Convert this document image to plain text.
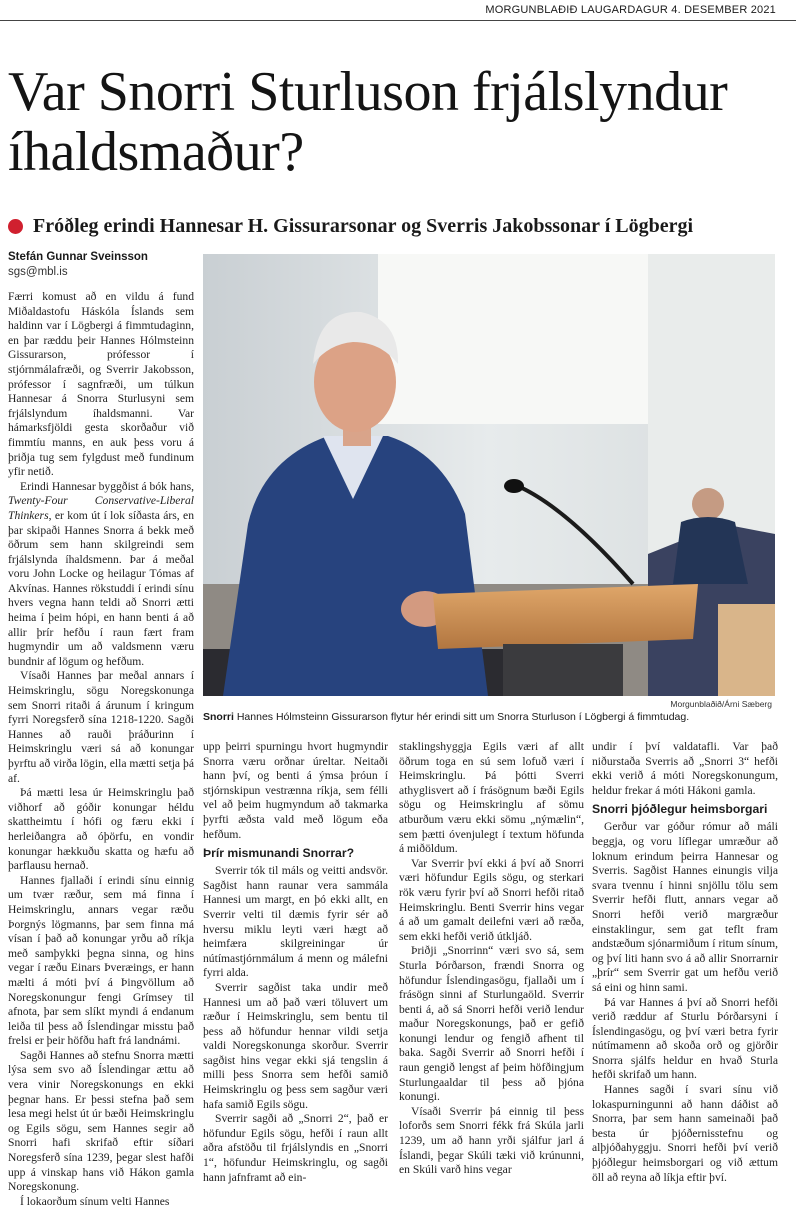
MORGUNBLAÐIÐ LAUGARDAGUR 4. DESEMBER 2021
Var Snorri Sturluson frjálslyndur íhaldsmaður?
Fróðleg erindi Hannesar H. Gissurarsonar og Sverris Jakobssonar í Lögbergi
Stefán Gunnar Sveinsson
sgs@mbl.is

Færri komust að en vildu á fund Miðaldastofu Háskóla Íslands sem haldinn var í Lögbergi á fimmtudaginn, en þar ræddu þeir Hannes Hólmsteinn Gissurarson, prófessor í stjórnmálafræði, og Sverrir Jakobsson, prófessor í sagnfræði, um túlkun Hannesar á Snorra Sturlusyni sem frjálslyndum íhaldsmanni. Var hámarksfjöldi gesta skorðaður við fimmtíu manns, en auk þess voru á þriðja tug sem fylgdust með fundinum yfir netið.

Erindi Hannesar byggðist á bók hans, Twenty-Four Conservative-Liberal Thinkers, er kom út í lok síðasta árs, en þar skipaði Hannes Snorra á bekk með öðrum sem hann skilgreindi sem frjálslynda íhaldsmenn. Þar á meðal voru John Locke og heilagur Tómas af Akvínas. Hannes rökstuddi í erindi sínu hvers vegna hann teldi að Snorri ætti heima í þeim hópi, en hann benti á að allir þrír hefðu í raun fært fram hugmyndir um að valdsmenn væru bundnir af lögum og hefðum.

Vísaði Hannes þar meðal annars í Heimskringlu, sögu Noregskonunga sem Snorri ritaði á árunum í kringum fyrri Noregsferð sína 1218-1220. Sagði Hannes að rauði þráðurinn í Heimskringlu væri sá að konungar þyrftu að virða lögin, ella mætti setja þá af.

Þá mætti lesa úr Heimskringlu það viðhorf að góðir konungar héldu skattheimtu í hófi og færu ekki í herleiðangra að óþörfu, en vondir konungar hækkuðu skatta og hæfu að þarflausu hernað.

Hannes fjallaði í erindi sínu einnig um tvær ræður, sem má finna í Heimskringlu, annars vegar ræðu Þorgnýs lögmanns, þar sem finna má vísan í það að konungar yrðu að ríkja með samþykki þegna sinna, og hins vegar í ræðu Einars Þveræings, er hann mælti á móti því á Þingvöllum að Noregskonungur fengi Grímsey til afnota, þar sem slíkt myndi á endanum leiða til þess að Íslendingar misstu það frelsi er þeir höfðu haft frá landnámi.

Sagði Hannes að stefnu Snorra mætti lýsa sem svo að Íslendingar ættu að vera vinir Noregskonungs en ekki þegnar hans. Er þessi stefna það sem lesa megi helst út úr bæði Heimskringlu og Egils sögu, sem Hannes segir að Snorri hafi skrifað eftir síðari Noregsferð sína 1239, þegar slest hafði upp á vinskap hans við Hákon gamla Noregskonung.

Í lokaorðum sínum velti Hannes

Morgunblaðið/Árni Sæberg
Snorri Hannes Hólmsteinn Gissurarson flytur hér erindi sitt um Snorra Sturluson í Lögbergi á fimmtudag.

upp þeirri spurningu hvort hugmyndir Snorra væru orðnar úreltar. Neitaði hann því, og benti á ýmsa þróun í stjórnskipun vestrænna ríkja, sem félli vel að þeim hugmyndum að takmarka þyrfti æðsta vald með lögum eða hefðum.

Þrír mismunandi Snorrar?

Sverrir tók til máls og veitti andsvör. Sagðist hann raunar vera sammála Hannesi um margt, en þó ekki allt, en Sverrir velti til dæmis fyrir sér að hversu miklu leyti væri hægt að heimfæra skilgreiningar úr nútímastjórnmálum á menn og málefni fyrri alda.

Sverrir sagðist taka undir með Hannesi um að það væri töluvert um ræður í Heimskringlu, sem bentu til þess að höfundur hennar vildi setja valdi Noregskonunga skorður. Sverrir sagðist hins vegar ekki sjá tengslin á milli þess Snorra sem hefði samið Heimskringlu og þess sem sagður væri hafa samið Egils sögu.

Sverrir sagði að „Snorri 2“, það er höfundur Egils sögu, hefði í raun allt aðra afstöðu til frjálslyndis en „Snorri 1“, höfundur Heimskringlu, og sagði hann jafnframt að ein-

staklingshyggja Egils væri af allt öðrum toga en sú sem lofuð væri í Heimskringlu. Þá þótti Sverri athyglisvert að í frásögnum bæði Egils sögu og Heimskringlu af sömu atburðum væru ekki sömu „nýmælin“, sem þætti óvenjulegt í textum höfunda á miðöldum.

Var Sverrir því ekki á því að Snorri væri höfundur Egils sögu, og sterkari rök væru fyrir því að Snorri hefði ritað Heimskringlu. Benti Sverrir hins vegar á að um gamalt deilefni væri að ræða, sem ekki hefði verið útkljáð.

Þriðji „Snorrinn“ væri svo sá, sem Sturla Þórðarson, frændi Snorra og höfundur Íslendingasögu, fjallaði um í frásögn sinni af Sturlungaöld. Sverrir benti á, að sá Snorri hefði verið lendur maður Noregskonungs, það er gefið konungi lendur og fengið afhent til baka. Sagði Sverrir að Snorri hefði í raun gengið lengst af þeim höfðingjum Sturlungaaldar til þess að þjóna konungi.

Vísaði Sverrir þá einnig til þess loforðs sem Snorri fékk frá Skúla jarli 1239, um að hann yrði sjálfur jarl á Íslandi, þegar Skúli tæki við krúnunni, en Skúli varð hins vegar

undir í því valdatafli. Var það niðurstaða Sverris að „Snorri 3“ hefði ekki verið á móti Noregskonungum, heldur frekar á móti Hákoni gamla.

Snorri þjóðlegur heimsborgari

Gerður var góður rómur að máli beggja, og voru líflegar umræður að loknum erindum þeirra Hannesar og Sverris. Sagðist Hannes einungis vilja svara tvennu í hinni snjöllu tölu sem Sverrir hefði flutt, annars vegar að Snorri hefði verið margræður einstaklingur, sem gat teflt fram andstæðum sjónarmiðum í ritum sínum, og því liti hann svo á að allir Snorrarnir „þrír“ sem Sverrir gat um hefðu verið sá eini og hinn sami.

Þá var Hannes á því að Snorri hefði verið ræddur af Sturlu Þórðarsyni í Íslendingasögu, og því væri betra fyrir nútímamenn að skoða orð og gjörðir Snorra sjálfs heldur en hvað Sturla hefði skrifað um hann.

Hannes sagði í svari sínu við lokaspurningunni að hann dáðist að Snorra, þar sem hann sameinaði það besta úr þjóðernisstefnu og alþjóðahyggju. Snorri hefði því verið þjóðlegur heimsborgari og við ættum öll að reyna að líkja eftir því.
